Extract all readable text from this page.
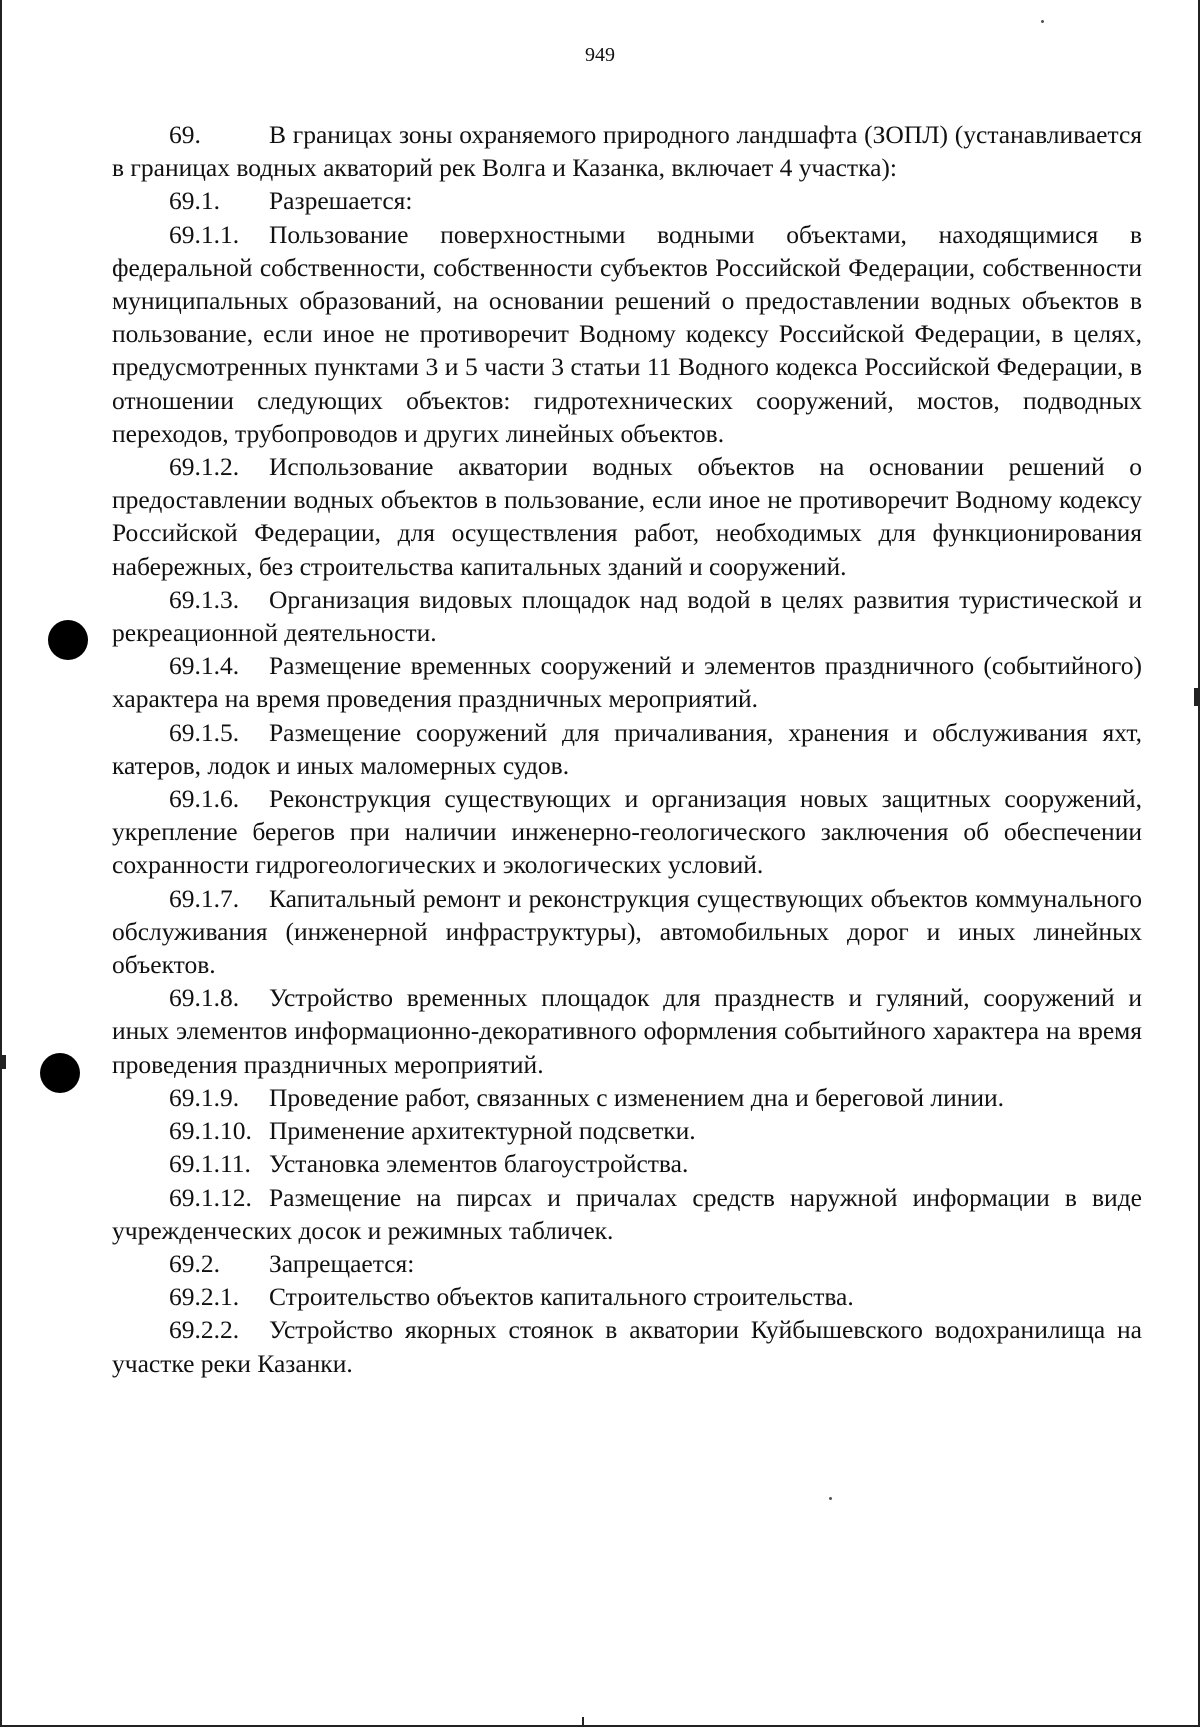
949

69.	В границах зоны охраняемого природного ландшафта (ЗОПЛ) (устанавливается в границах водных акваторий рек Волга и Казанка, включает 4 участка):

69.1. Разрешается:

69.1.1. Пользование поверхностными водными объектами, находящимися в федеральной собственности, собственности субъектов Российской Федерации, собственности муниципальных образований, на основании решений о предоставлении водных объектов в пользование, если иное не противоречит Водному кодексу Российской Федерации, в целях, предусмотренных пунктами 3 и 5 части 3 статьи 11 Водного кодекса Российской Федерации, в отношении следующих объектов: гидротехнических сооружений, мостов, подводных переходов, трубопроводов и других линейных объектов.

69.1.2. Использование акватории водных объектов на основании решений о предоставлении водных объектов в пользование, если иное не противоречит Водному кодексу Российской Федерации, для осуществления работ, необходимых для функционирования набережных, без строительства капитальных зданий и сооружений.

69.1.3. Организация видовых площадок над водой в целях развития туристической и рекреационной деятельности.

69.1.4. Размещение временных сооружений и элементов праздничного (событийного) характера на время проведения праздничных мероприятий.

69.1.5. Размещение сооружений для причаливания, хранения и обслуживания яхт, катеров, лодок и иных маломерных судов.

69.1.6. Реконструкция существующих и организация новых защитных сооружений, укрепление берегов при наличии инженерно-геологического заключения об обеспечении сохранности гидрогеологических и экологических условий.

69.1.7. Капитальный ремонт и реконструкция существующих объектов коммунального обслуживания (инженерной инфраструктуры), автомобильных дорог и иных линейных объектов.

69.1.8. Устройство временных площадок для празднеств и гуляний, сооружений и иных элементов информационно-декоративного оформления событийного характера на время проведения праздничных мероприятий.

69.1.9. Проведение работ, связанных с изменением дна и береговой линии.

69.1.10. Применение архитектурной подсветки.

69.1.11. Установка элементов благоустройства.

69.1.12. Размещение на пирсах и причалах средств наружной информации в виде учрежденческих досок и режимных табличек.

69.2. Запрещается:

69.2.1. Строительство объектов капитального строительства.

69.2.2. Устройство якорных стоянок в акватории Куйбышевского водохранилища на участке реки Казанки.
